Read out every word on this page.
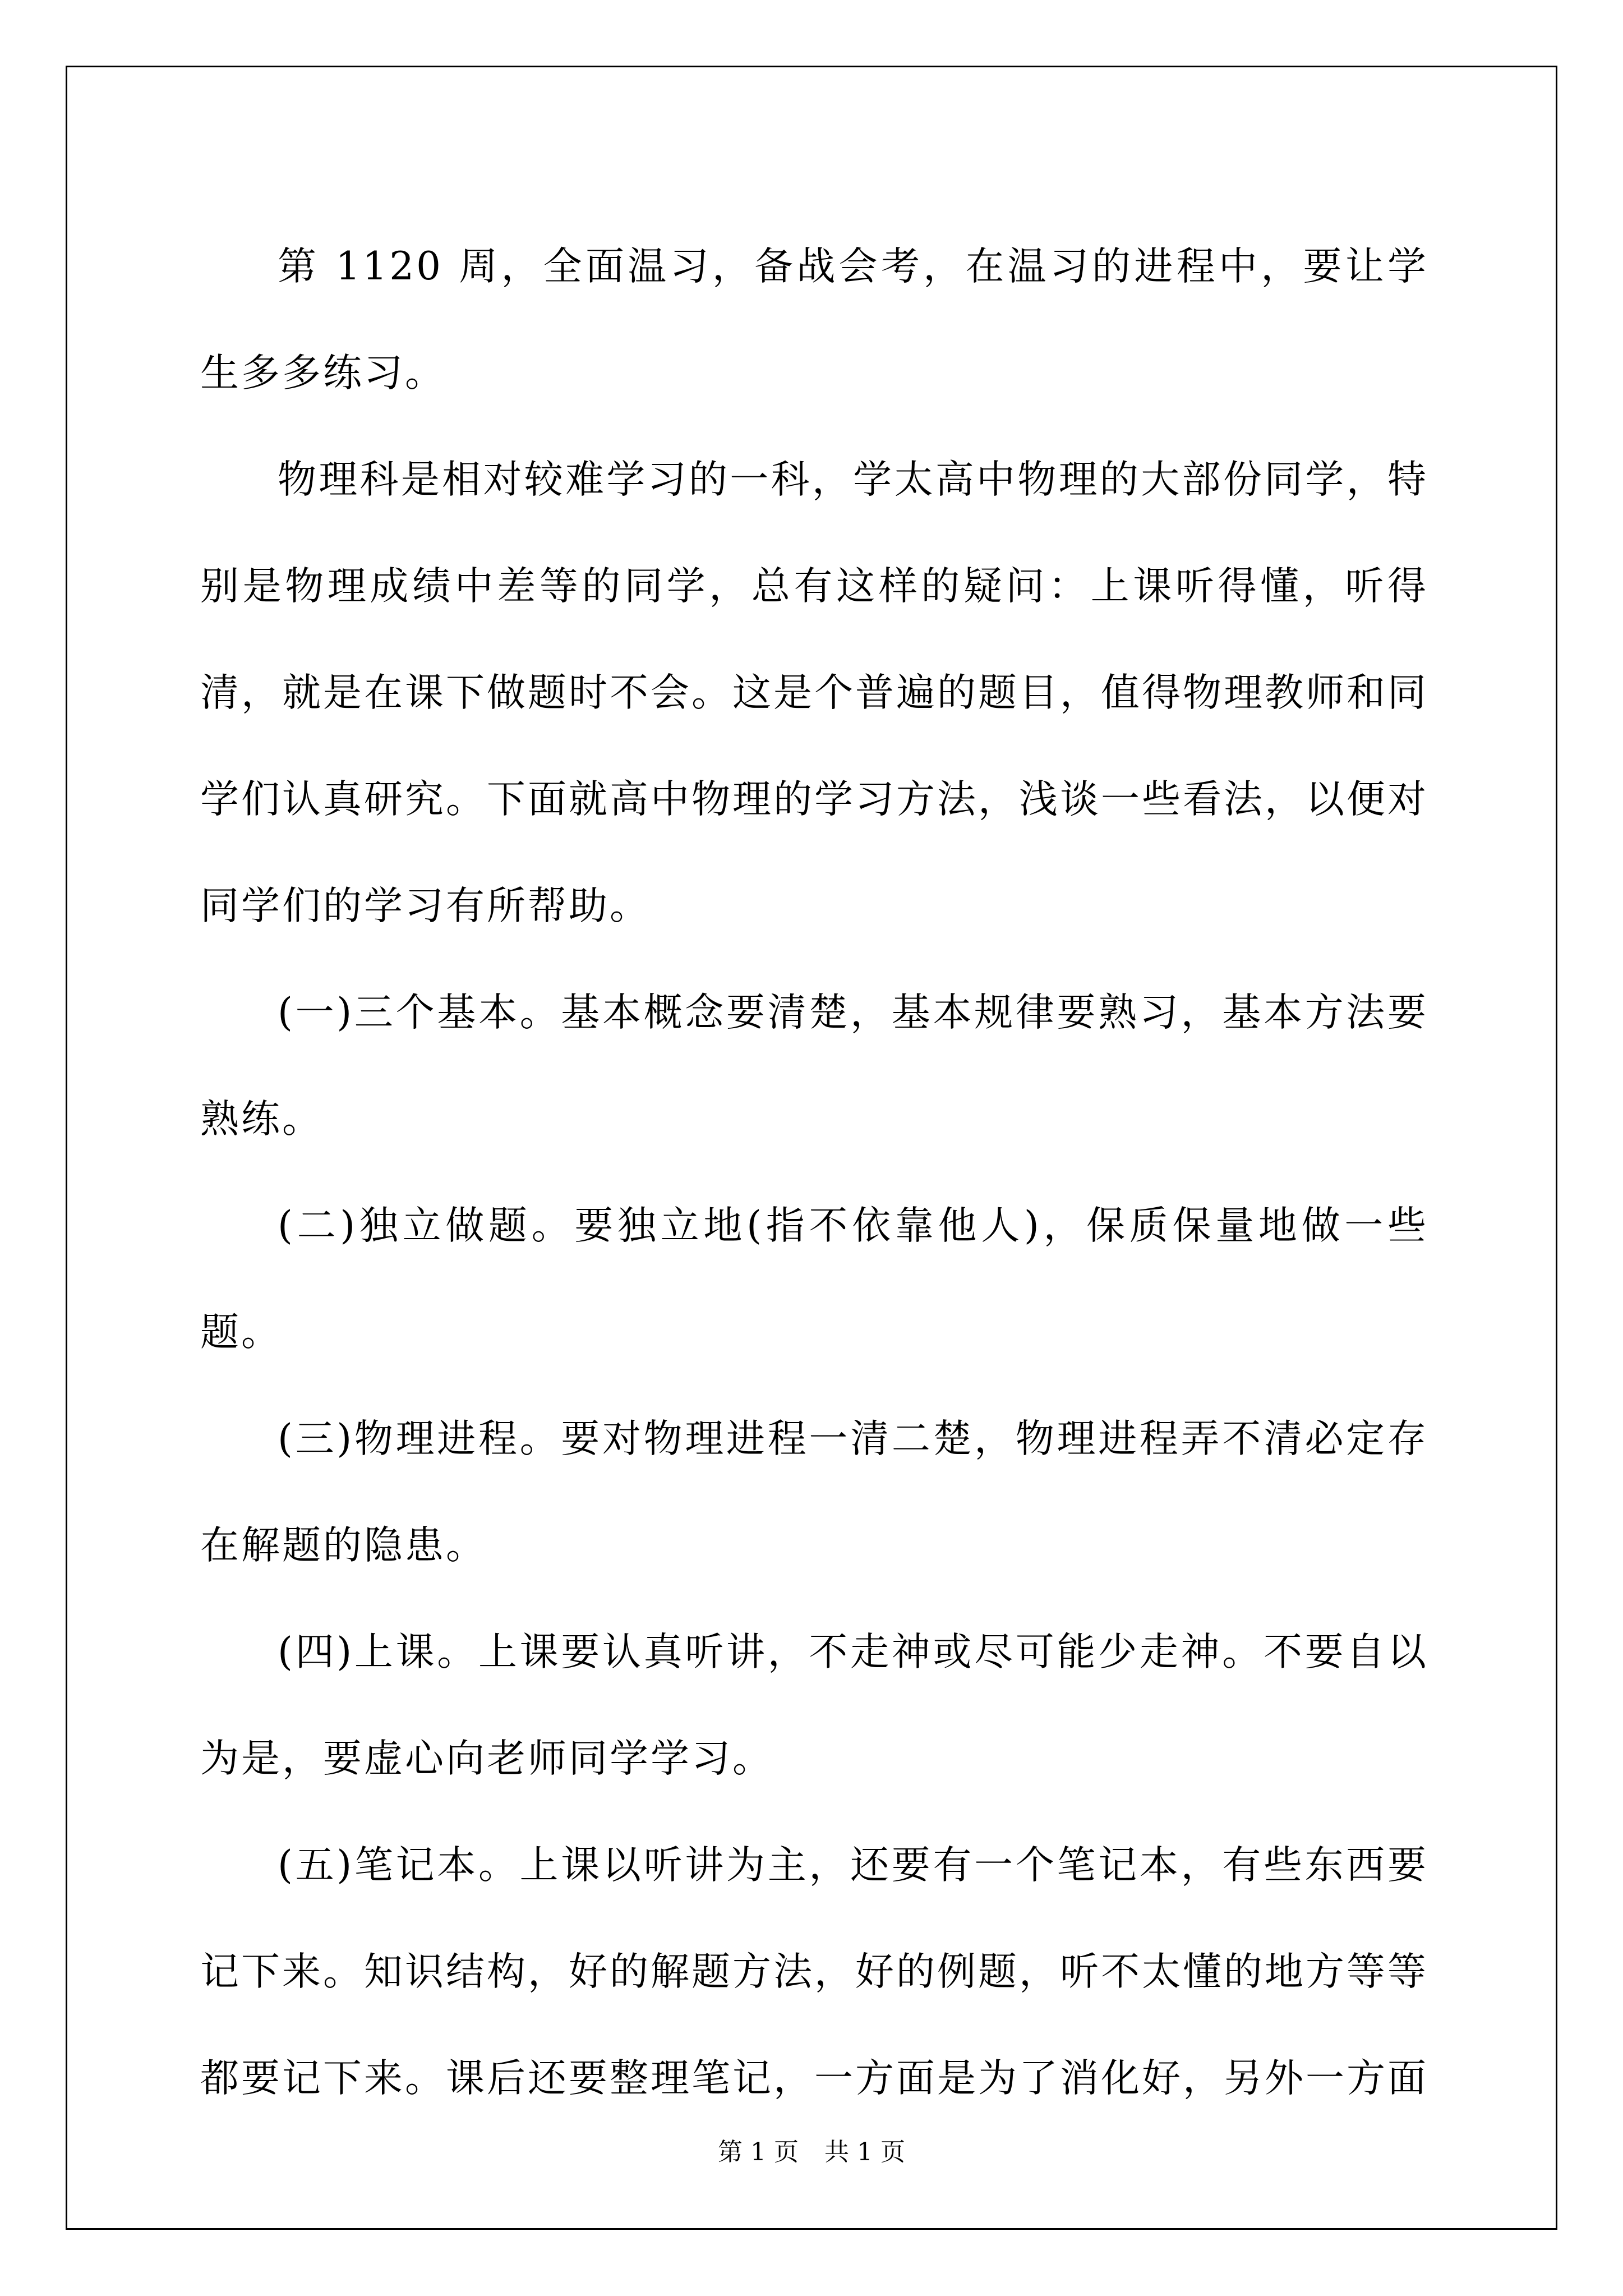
第 1120 周，全面温习，备战会考，在温习的进程中，要让学生多多练习。

物理科是相对较难学习的一科，学太高中物理的大部份同学，特别是物理成绩中差等的同学，总有这样的疑问：上课听得懂，听得清，就是在课下做题时不会。这是个普遍的题目，值得物理教师和同学们认真研究。下面就高中物理的学习方法，浅谈一些看法，以便对同学们的学习有所帮助。

(一)三个基本。基本概念要清楚，基本规律要熟习，基本方法要熟练。

(二)独立做题。要独立地(指不依靠他人)，保质保量地做一些题。

(三)物理进程。要对物理进程一清二楚，物理进程弄不清必定存在解题的隐患。

(四)上课。上课要认真听讲，不走神或尽可能少走神。不要自以为是，要虚心向老师同学学习。

(五)笔记本。上课以听讲为主，还要有一个笔记本，有些东西要记下来。知识结构，好的解题方法，好的例题，听不太懂的地方等等都要记下来。课后还要整理笔记，一方面是为了消化好，另外一方面

第 1 页 共 1 页
